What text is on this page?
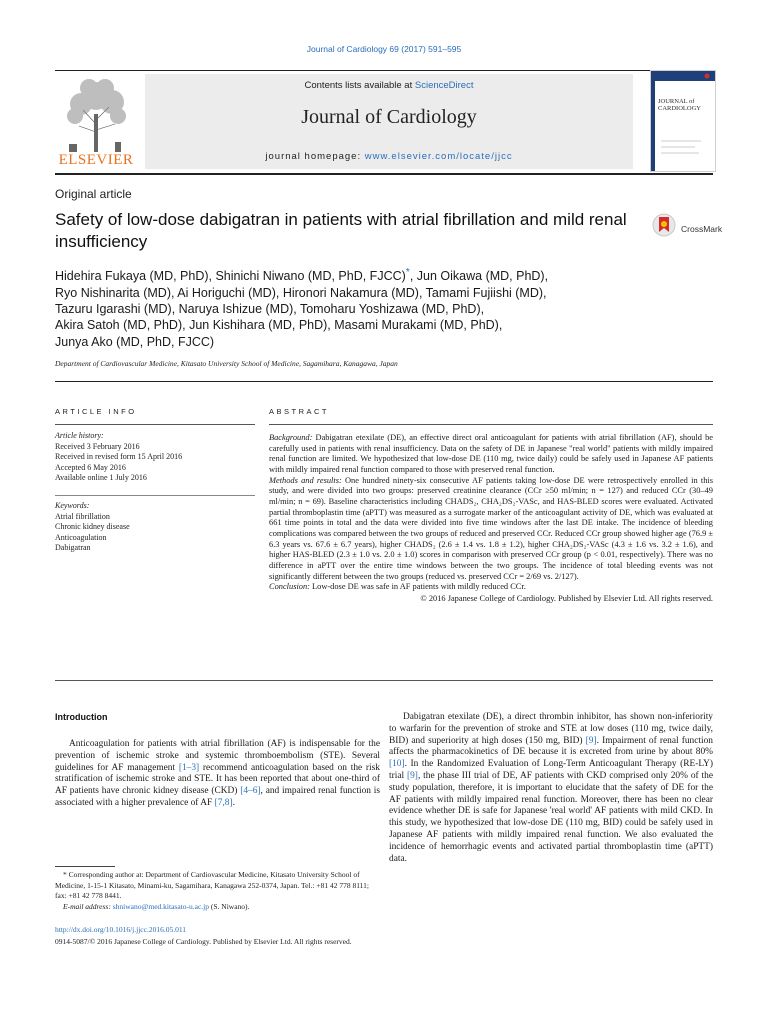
Journal of Cardiology 69 (2017) 591–595
ELSEVIER
Contents lists available at ScienceDirect
Journal of Cardiology
journal homepage: www.elsevier.com/locate/jjcc
JOURNAL of CARDIOLOGY
Original article
Safety of low-dose dabigatran in patients with atrial fibrillation and mild renal insufficiency
CrossMark
Hidehira Fukaya (MD, PhD), Shinichi Niwano (MD, PhD, FJCC)*, Jun Oikawa (MD, PhD),
Ryo Nishinarita (MD), Ai Horiguchi (MD), Hironori Nakamura (MD), Tamami Fujiishi (MD),
Tazuru Igarashi (MD), Naruya Ishizue (MD), Tomoharu Yoshizawa (MD, PhD),
Akira Satoh (MD, PhD), Jun Kishihara (MD, PhD), Masami Murakami (MD, PhD),
Junya Ako (MD, PhD, FJCC)
Department of Cardiovascular Medicine, Kitasato University School of Medicine, Sagamihara, Kanagawa, Japan
ARTICLE INFO	ABSTRACT
Article history:
Received 3 February 2016
Received in revised form 15 April 2016
Accepted 6 May 2016
Available online 1 July 2016
Keywords:
Atrial fibrillation
Chronic kidney disease
Anticoagulation
Dabigatran

Background: Dabigatran etexilate (DE), an effective direct oral anticoagulant for patients with atrial fibrillation (AF), should be carefully used in patients with renal insufficiency. Data on the safety of DE in Japanese "real world" patients with mildly impaired renal function are limited. We hypothesized that low-dose DE (110 mg, twice daily) could be safely used in Japanese AF patients with mildly impaired renal function compared to those with preserved renal function.

Methods and results: One hundred ninety-six consecutive AF patients taking low-dose DE were retrospectively enrolled in this study, and were divided into two groups: preserved creatinine clearance (CCr ≥50 ml/min; n = 127) and reduced CCr (30–49 ml/min; n = 69). Baseline characteristics including CHADS₂, CHA₂DS₂-VASc, and HAS-BLED scores were evaluated. Activated partial thromboplastin time (aPTT) was measured as a surrogate marker of the anticoagulant activity of DE, which was evaluated at 661 time points in total and the data were divided into five time windows after the last DE intake. The incidence of bleeding complications was compared between the two groups of reduced and preserved CCr. Reduced CCr group showed higher age (76.9 ± 6.3 years vs. 67.6 ± 6.7 years), higher CHADS₂ (2.6 ± 1.4 vs. 1.8 ± 1.2), higher CHA₂DS₂-VASc (4.3 ± 1.6 vs. 3.2 ± 1.6), and higher HAS-BLED (2.3 ± 1.0 vs. 2.0 ± 1.0) scores in comparison with preserved CCr group (p < 0.01, respectively). There was no difference in aPTT over the entire time windows between the two groups. The incidence of total bleeding events was not significantly different between the two groups (reduced vs. preserved CCr = 2/69 vs. 2/127).

Conclusion: Low-dose DE was safe in AF patients with mildly reduced CCr.

© 2016 Japanese College of Cardiology. Published by Elsevier Ltd. All rights reserved.

Introduction
Anticoagulation for patients with atrial fibrillation (AF) is indispensable for the prevention of ischemic stroke and systemic thromboembolism (STE). Several guidelines for AF management [1–3] recommend anticoagulation based on the risk stratification of ischemic stroke and STE. It has been reported that about one-third of AF patients have chronic kidney disease (CKD) [4–6], and impaired renal function is associated with a higher prevalence of AF [7,8].
Dabigatran etexilate (DE), a direct thrombin inhibitor, has shown non-inferiority to warfarin for the prevention of stroke and STE at low doses (110 mg, twice daily, BID) and superiority at high doses (150 mg, BID) [9]. Impairment of renal function affects the pharmacokinetics of DE because it is excreted from urine by about 80% [10]. In the Randomized Evaluation of Long-Term Anticoagulant Therapy (RE-LY) trial [9], the phase III trial of DE, AF patients with CKD comprised only 20% of the study population, therefore, it is important to elucidate that the safety of DE for the AF patients with mildly impaired renal function. Moreover, there has been no clear evidence whether DE is safe for Japanese 'real world' AF patients with mild CKD. In this study, we hypothesized that low-dose DE (110 mg, BID) could be safely used in Japanese AF patients with mildly impaired renal function. We also evaluated the incidence of hemorrhagic events and activated partial thromboplastin time (aPTT) data.
* Corresponding author at: Department of Cardiovascular Medicine, Kitasato University School of Medicine, 1-15-1 Kitasato, Minami-ku, Sagamihara, Kanagawa 252-0374, Japan. Tel.: +81 42 778 8111; fax: +81 42 778 8441.
E-mail address: shniwano@med.kitasato-u.ac.jp (S. Niwano).
http://dx.doi.org/10.1016/j.jjcc.2016.05.011
0914-5087/© 2016 Japanese College of Cardiology. Published by Elsevier Ltd. All rights reserved.
